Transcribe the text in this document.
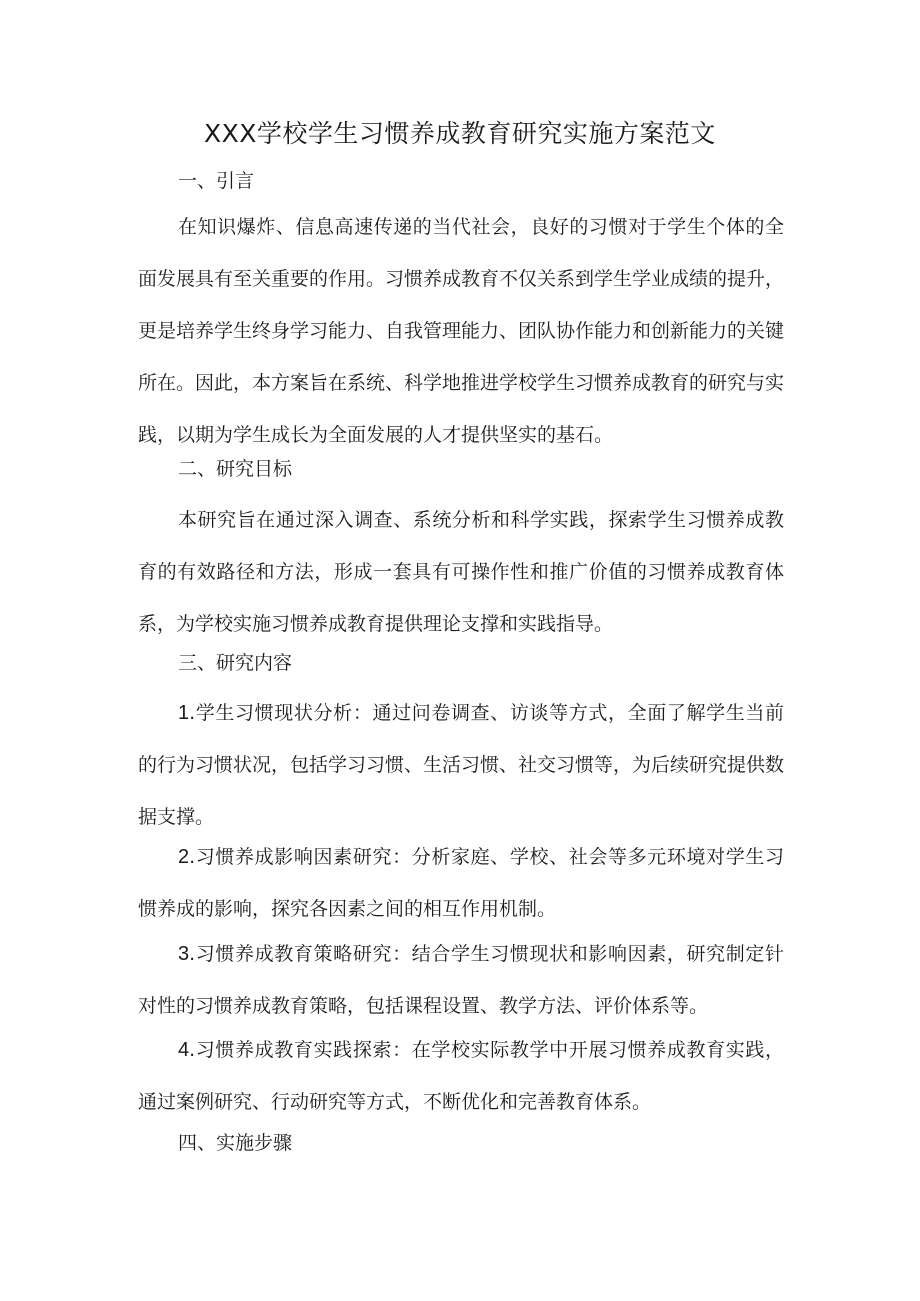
XXX学校学生习惯养成教育研究实施方案范文
一、引言

在知识爆炸、信息高速传递的当代社会，良好的习惯对于学生个体的全面发展具有至关重要的作用。习惯养成教育不仅关系到学生学业成绩的提升，更是培养学生终身学习能力、自我管理能力、团队协作能力和创新能力的关键所在。因此，本方案旨在系统、科学地推进学校学生习惯养成教育的研究与实践，以期为学生成长为全面发展的人才提供坚实的基石。

二、研究目标

本研究旨在通过深入调查、系统分析和科学实践，探索学生习惯养成教育的有效路径和方法，形成一套具有可操作性和推广价值的习惯养成教育体系，为学校实施习惯养成教育提供理论支撑和实践指导。

三、研究内容

1.学生习惯现状分析：通过问卷调查、访谈等方式，全面了解学生当前的行为习惯状况，包括学习习惯、生活习惯、社交习惯等，为后续研究提供数据支撑。

2.习惯养成影响因素研究：分析家庭、学校、社会等多元环境对学生习惯养成的影响，探究各因素之间的相互作用机制。

3.习惯养成教育策略研究：结合学生习惯现状和影响因素，研究制定针对性的习惯养成教育策略，包括课程设置、教学方法、评价体系等。

4.习惯养成教育实践探索：在学校实际教学中开展习惯养成教育实践，通过案例研究、行动研究等方式，不断优化和完善教育体系。

四、实施步骤
